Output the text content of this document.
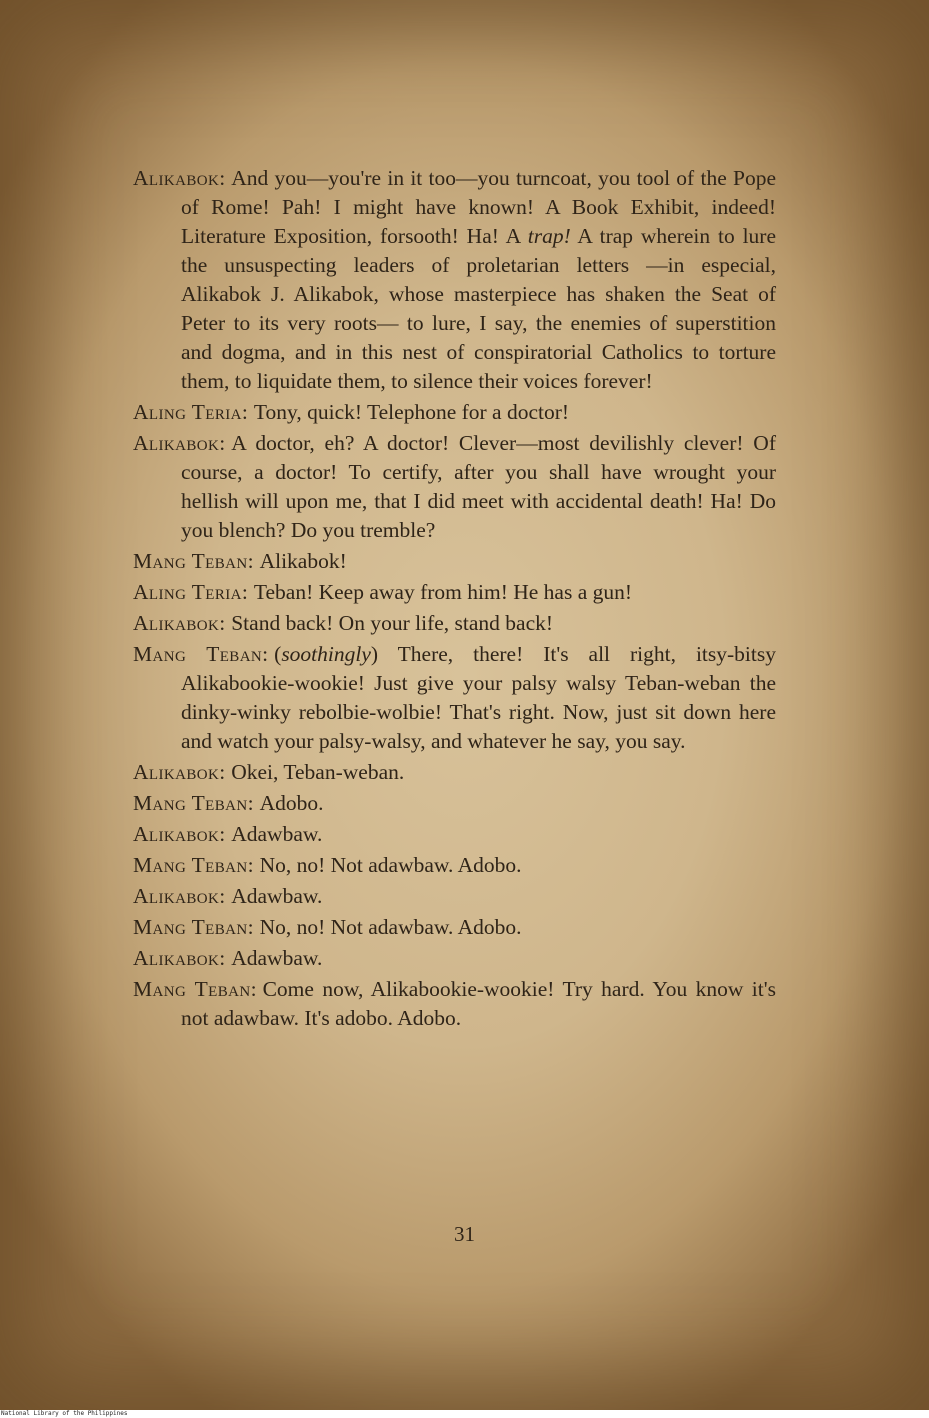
Alikabok: And you—you're in it too—you turncoat, you tool of the Pope of Rome! Pah! I might have known! A Book Exhibit, indeed! Literature Exposition, forsooth! Ha! A trap! A trap wherein to lure the unsuspecting leaders of proletarian letters —in especial, Alikabok J. Alikabok, whose masterpiece has shaken the Seat of Peter to its very roots— to lure, I say, the enemies of superstition and dogma, and in this nest of conspiratorial Catholics to torture them, to liquidate them, to silence their voices forever!

Aling Teria: Tony, quick! Telephone for a doctor!

Alikabok: A doctor, eh? A doctor! Clever—most devilishly clever! Of course, a doctor! To certify, after you shall have wrought your hellish will upon me, that I did meet with accidental death! Ha! Do you blench? Do you tremble?

Mang Teban: Alikabok!

Aling Teria: Teban! Keep away from him! He has a gun!

Alikabok: Stand back! On your life, stand back!

Mang Teban: (soothingly) There, there! It's all right, itsy-bitsy Alikabookie-wookie! Just give your palsy walsy Teban-weban the dinky-winky rebolbie-wolbie! That's right. Now, just sit down here and watch your palsy-walsy, and whatever he say, you say.

Alikabok: Okei, Teban-weban.

Mang Teban: Adobo.

Alikabok: Adawbaw.

Mang Teban: No, no! Not adawbaw. Adobo.

Alikabok: Adawbaw.

Mang Teban: No, no! Not adawbaw. Adobo.

Alikabok: Adawbaw.

Mang Teban: Come now, Alikabookie-wookie! Try hard. You know it's not adawbaw. It's adobo. Adobo.

31
National Library of the Philippines
